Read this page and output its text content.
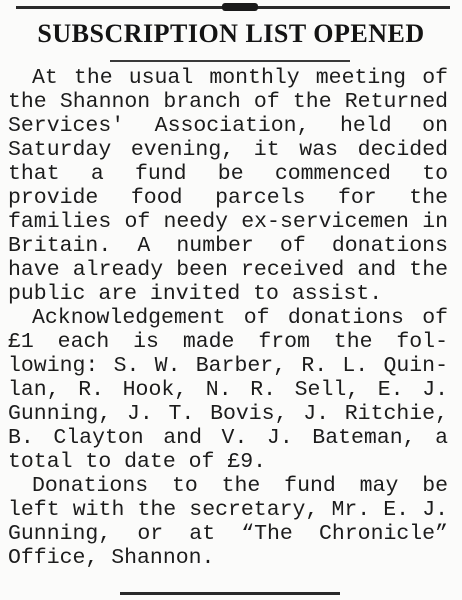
SUBSCRIPTION LIST OPENED

At the usual monthly meeting of the Shannon branch of the Returned Services' Association, held on Saturday evening, it was decided that a fund be commenced to provide food parcels for the families of needy ex-servicemen in Britain. A number of donations have already been received and the public are invited to assist.

Acknowledgement of donations of £1 each is made from the following: S. W. Barber, R. L. Quinlan, R. Hook, N. R. Sell, E. J. Gunning, J. T. Bovis, J. Ritchie, B. Clayton and V. J. Bateman, a total to date of £9.

Donations to the fund may be left with the secretary, Mr. E. J. Gunning, or at “The Chronicle” Office, Shannon.
